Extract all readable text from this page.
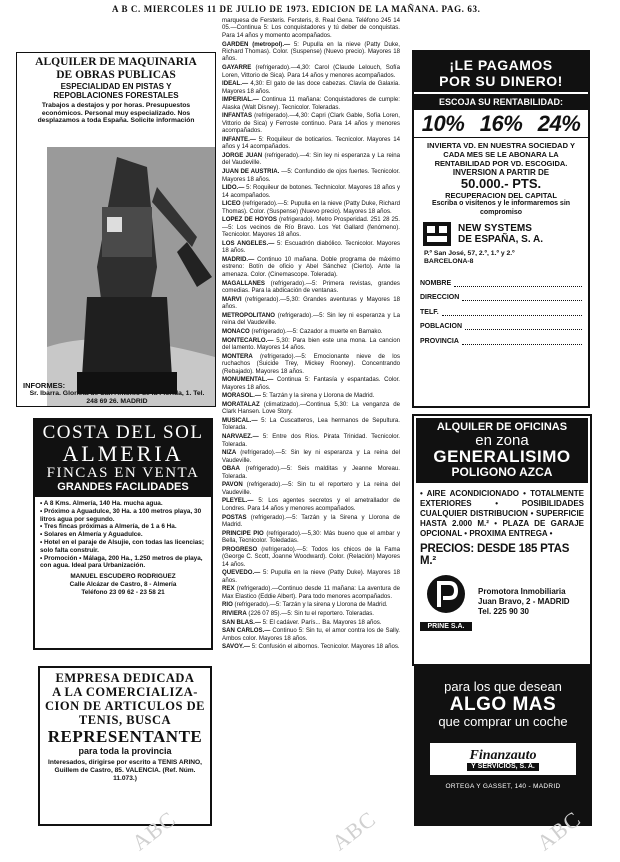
A B C. MIERCOLES 11 DE JULIO DE 1973. EDICION DE LA MAÑANA. PAG. 63.
ALQUILER DE MAQUINARIA
DE OBRAS PUBLICAS
ESPECIALIDAD EN PISTAS Y
REPOBLACIONES FORESTALES
Trabajos a destajos y por horas. Presupuestos económicos. Personal muy especializado. Nos desplazamos a toda España. Solicite información
INFORMES:
Sr. Ibarra. Glorieta de San Antonio de la Florida, 1. Tel. 248 69 26. MADRID
COSTA DEL SOL
ALMERIA
FINCAS EN VENTA
GRANDES FACILIDADES
• A 8 Kms. Almería, 140 Ha. mucha agua.
• Próximo a Aguadulce, 30 Ha. a 100 metros playa, 30 litros agua por segundo.
• Tres fincas próximas a Almería, de 1 a 6 Ha.
• Solares en Almería y Aguadulce.
• Hotel en el paraje de Alsujie, con todas las licencias; solo falta construir.
• Promoción • Málaga, 200 Ha., 1.250 metros de playa, con agua. Ideal para Urbanización.
MANUEL ESCUDERO RODRIGUEZ
Calle Alcázar de Castro, 8 - Almería
Teléfono 23 09 62 - 23 58 21
EMPRESA DEDICADA
A LA COMERCIALIZA-
CION DE ARTICULOS DE
TENIS, BUSCA
REPRESENTANTE
para toda la provincia
Interesados, dirigirse por escrito a TENIS ARINO, Guillem de Castro, 85. VALENCIA. (Ref. Núm. 11.073.)

marquesa de Fersteris. Fersteris, 8. Real Gena. Teléfono 245 14 05.—Continua 5: Los conquistadores y tú deber de conquistas. Para 14 años y momento acompañados.

GARDEN (metropol).— 5: Pupulla en la nieve (Patty Duke, Richard Thomas). Color. (Suspense) (Nuevo precio). Mayores 18 años.

GAYARRE (refrigerado).—4,30: Carol (Claude Lelouch, Sofía Loren, Vittorio de Sica). Para 14 años y menores acompañados.

IDEAL.— 4,30: El gato de las doce cabezas. Clavía de Galaxia. Mayores 18 años.

IMPERIAL.— Continua 11 mañana: Conquistadores de cumple: Alaska (Walt Disney). Tecnicolor. Toleradas.

INFANTAS (refrigerado).—4,30: Capri (Clark Gable, Sofía Loren, Vittorio de Sica) y Ferroste continuo. Para 14 años y menores acompañados.

INFANTE.— 5: Roquileur de boticarios. Tecnicolor. Mayores 14 años y 14 acompañados.

JORGE JUAN (refrigerado).—4: Sin ley ni esperanza y La reina del Vaudeville.

JUAN DE AUSTRIA. —5: Confundido de ojos fuertes. Tecnicolor. Mayores 18 años.

LIDO.— 5: Roquileur de botones. Technicolor. Mayores 18 años y 14 acompañados.

LICEO (refrigerado).—5: Pupulla en la nieve (Patty Duke, Richard Thomas). Color. (Suspense) (Nuevo precio). Mayores 18 años.

LOPEZ DE HOYOS (refrigerado). Metro Prosperidad. 251 28 25.—5: Los vecinos de Río Bravo. Los Yet Gallard (fenómeno). Tecnicolor. Mayores 18 años.

LOS ANGELES.— 5: Escuadrón diabólico. Tecnicolor. Mayores 18 años.

MADRID.— Continuo 10 mañana. Doble programa de máximo estreno: Botín de oficio y Abel Sánchez (Cierto). Ante la amenaza. Color. (Cinemascope. Tolerada).

MAGALLANES (refrigerado).—5: Primera revistas, grandes comedias. Para la abdicación de ventanas.

MARVI (refrigerado).—5,30: Grandes aventuras y Mayores 18 años.

METROPOLITANO (refrigerado).—5: Sin ley ni esperanza y La reina del Vaudeville.

MONACO (refrigerado).—5: Cazador a muerte en Bamako.

MONTECARLO.— 5,30: Para bien este una mona. La cancion del lamento. Mayores 14 años.

MONTERA (refrigerado).—5: Emocionante nieve de los ruchachos (Suicide Trey, Mickey Rooney). Concentrando (Rebajado). Mayores 18 años.

MONUMENTAL.— Continua 5: Fantasía y espantadas. Color. Mayores 18 años.

MORASOL.— 5: Tarzán y la sirena y Llorona de Madrid.

MORATALAZ (climatizado).—Continua 5,30: La venganza de Clark Hansen. Love Story.

MUSICAL.— 5: La Cuscatteros, Lea hermanos de Sepultura. Tolerada.

NARVAEZ.— 5: Entre dos Ríos. Pirata Trinidad. Tecnicolor. Tolerada.

NIZA (refrigerado).—5: Sin ley ni esperanza y La reina del Vaudeville.

OBAA (refrigerado).—5: Seis malditas y Jeanne Moreau. Tolerada.

PAVON (refrigerado).—5: Sin tu el reportero y La reina del Vaudeville.

PLEYEL.— 5: Los agentes secretos y el ametrallador de Londres. Para 14 años y menores acompañados.

POSTAS (refrigerado).—5: Tarzán y la Sirena y Llorona de Madrid.

PRINCIPE PIO (refrigerado).—5,30: Más bueno que el ambar y Bella, Tecnicolor. Toledadas.

PROGRESO (refrigerado).—5: Todos los chicos de la Fama (George C. Scott, Joanne Woodward). Color. (Relación) Mayores 14 años.

QUEVEDO.— 5: Pupulla en la nieve (Patty Duke). Mayores 18 años.

REX (refrigerado).—Continuo desde 11 mañana: La aventura de Max Elastico (Eddie Albert). Para todo menores acompañados.

RIO (refrigerado).—5: Tarzán y la sirena y Llorona de Madrid.

RIVIERA (226 07 85).—5: Sin tu el reportero. Toleradas.

SAN BLAS.— 5: El cadáver. París... Ba. Mayores 18 años.

SAN CARLOS.— Continuo 5: Sin tu, el amor contra los de Sally. Ambos color. Mayores 18 años.

SAVOY.— 5: Confusión el albornos. Tecnicolor. Mayores 18 años.

¡LE PAGAMOS
POR SU DINERO!
ESCOJA SU RENTABILIDAD:
10% 16% 24%
INVIERTA VD. EN NUESTRA SOCIEDAD Y CADA MES SE LE ABONARA LA RENTABILIDAD POR VD. ESCOGIDA.
INVERSION A PARTIR DE
50.000.- PTS.
RECUPERACION DEL CAPITAL
Escriba o visítenos y le informaremos sin compromiso
NEW SYSTEMS
DE ESPAÑA, S. A.
P.º San José, 57, 2.º, 1.º y 2.º
BARCELONA-8
NOMBRE
DIRECCION
TELF.
POBLACION
PROVINCIA
ALQUILER DE OFICINAS
en zona
GENERALISIMO
POLIGONO AZCA
• AIRE ACONDICIONADO • TOTALMENTE EXTERIORES • POSIBILIDADES CUALQUIER DISTRIBUCION • SUPERFICIE HASTA 2.000 M.² • PLAZA DE GARAJE OPCIONAL • PROXIMA ENTREGA •
PRECIOS: DESDE 185 PTAS M.²
PRINE S.A.
Promotora Inmobiliaria
Juan Bravo, 2 - MADRID
Tel. 225 90 30
para los que desean
ALGO MAS
que comprar un coche
Finanzauto
Y SERVICIOS, S. A.
ORTEGA Y GASSET, 140 - MADRID
ABC	ABC	ABC
